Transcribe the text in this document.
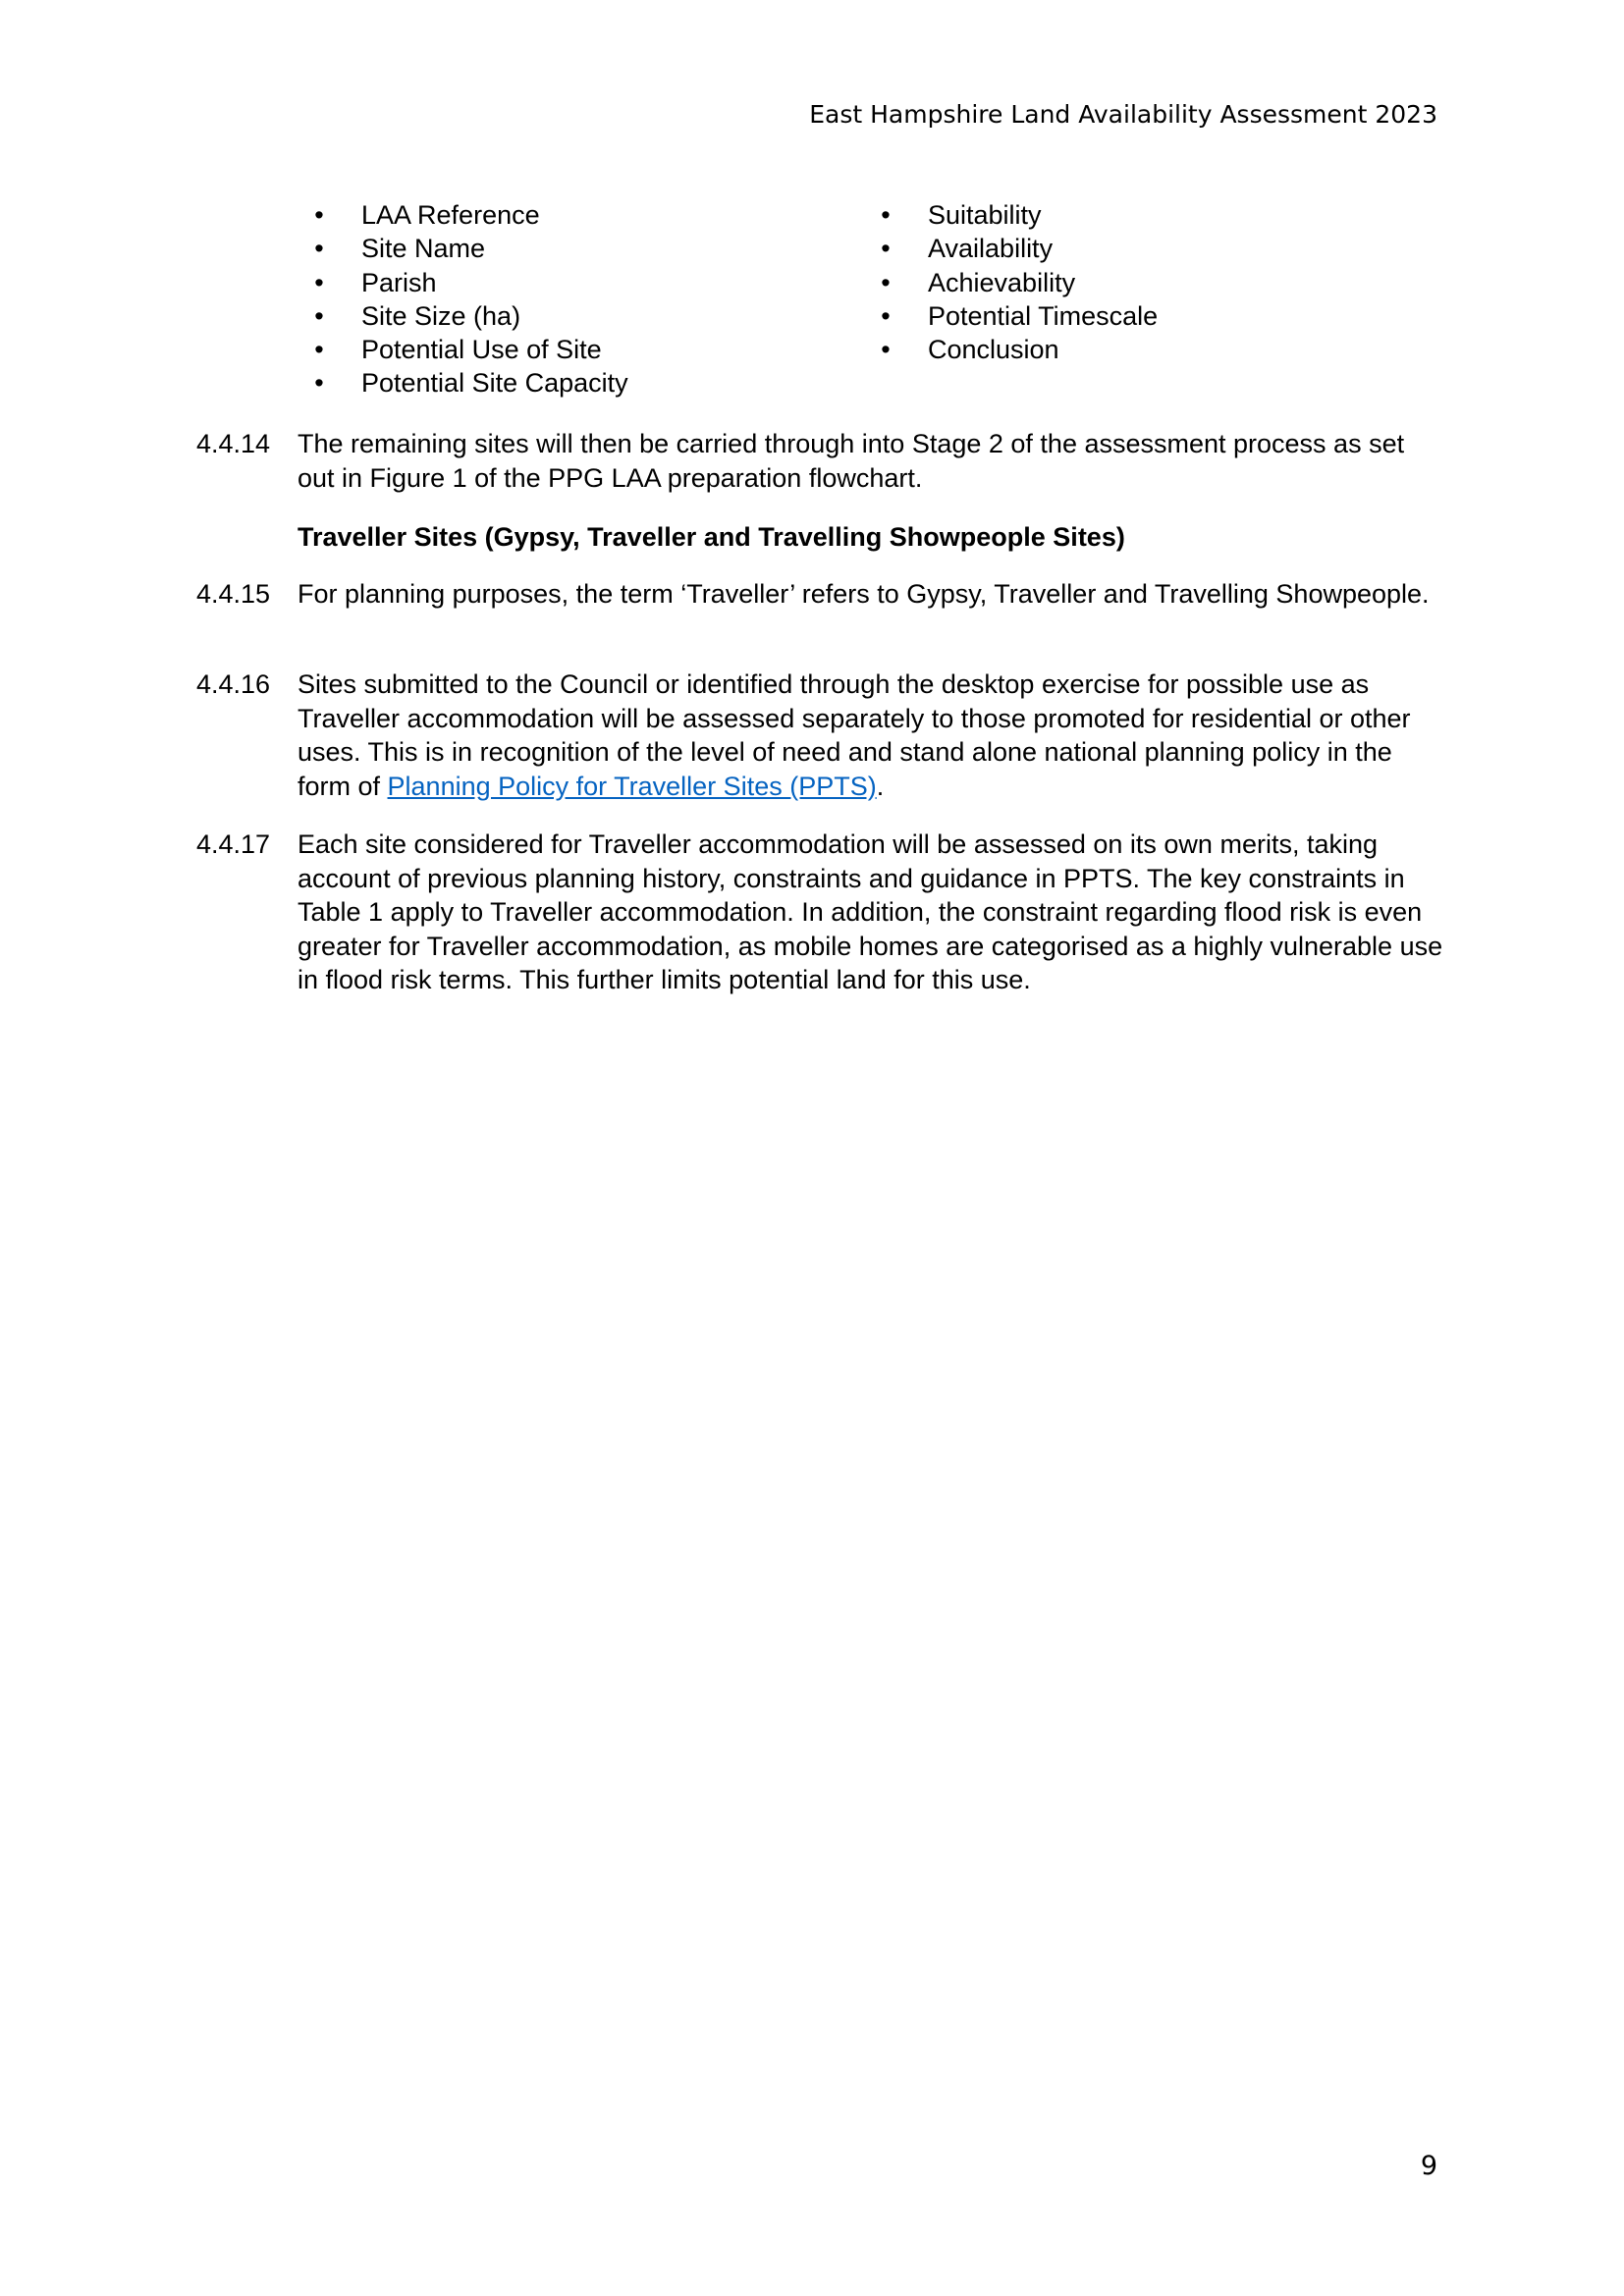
East Hampshire Land Availability Assessment 2023
• LAA Reference
• Site Name
• Parish
• Site Size (ha)
• Potential Use of Site
• Potential Site Capacity
• Suitability
• Availability
• Achievability
• Potential Timescale
• Conclusion
4.4.14 The remaining sites will then be carried through into Stage 2 of the assessment process as set out in Figure 1 of the PPG LAA preparation flowchart.
Traveller Sites (Gypsy, Traveller and Travelling Showpeople Sites)
4.4.15 For planning purposes, the term ‘Traveller’ refers to Gypsy, Traveller and Travelling Showpeople.
4.4.16 Sites submitted to the Council or identified through the desktop exercise for possible use as Traveller accommodation will be assessed separately to those promoted for residential or other uses. This is in recognition of the level of need and stand alone national planning policy in the form of Planning Policy for Traveller Sites (PPTS).
4.4.17 Each site considered for Traveller accommodation will be assessed on its own merits, taking account of previous planning history, constraints and guidance in PPTS. The key constraints in Table 1 apply to Traveller accommodation. In addition, the constraint regarding flood risk is even greater for Traveller accommodation, as mobile homes are categorised as a highly vulnerable use in flood risk terms. This further limits potential land for this use.
9
